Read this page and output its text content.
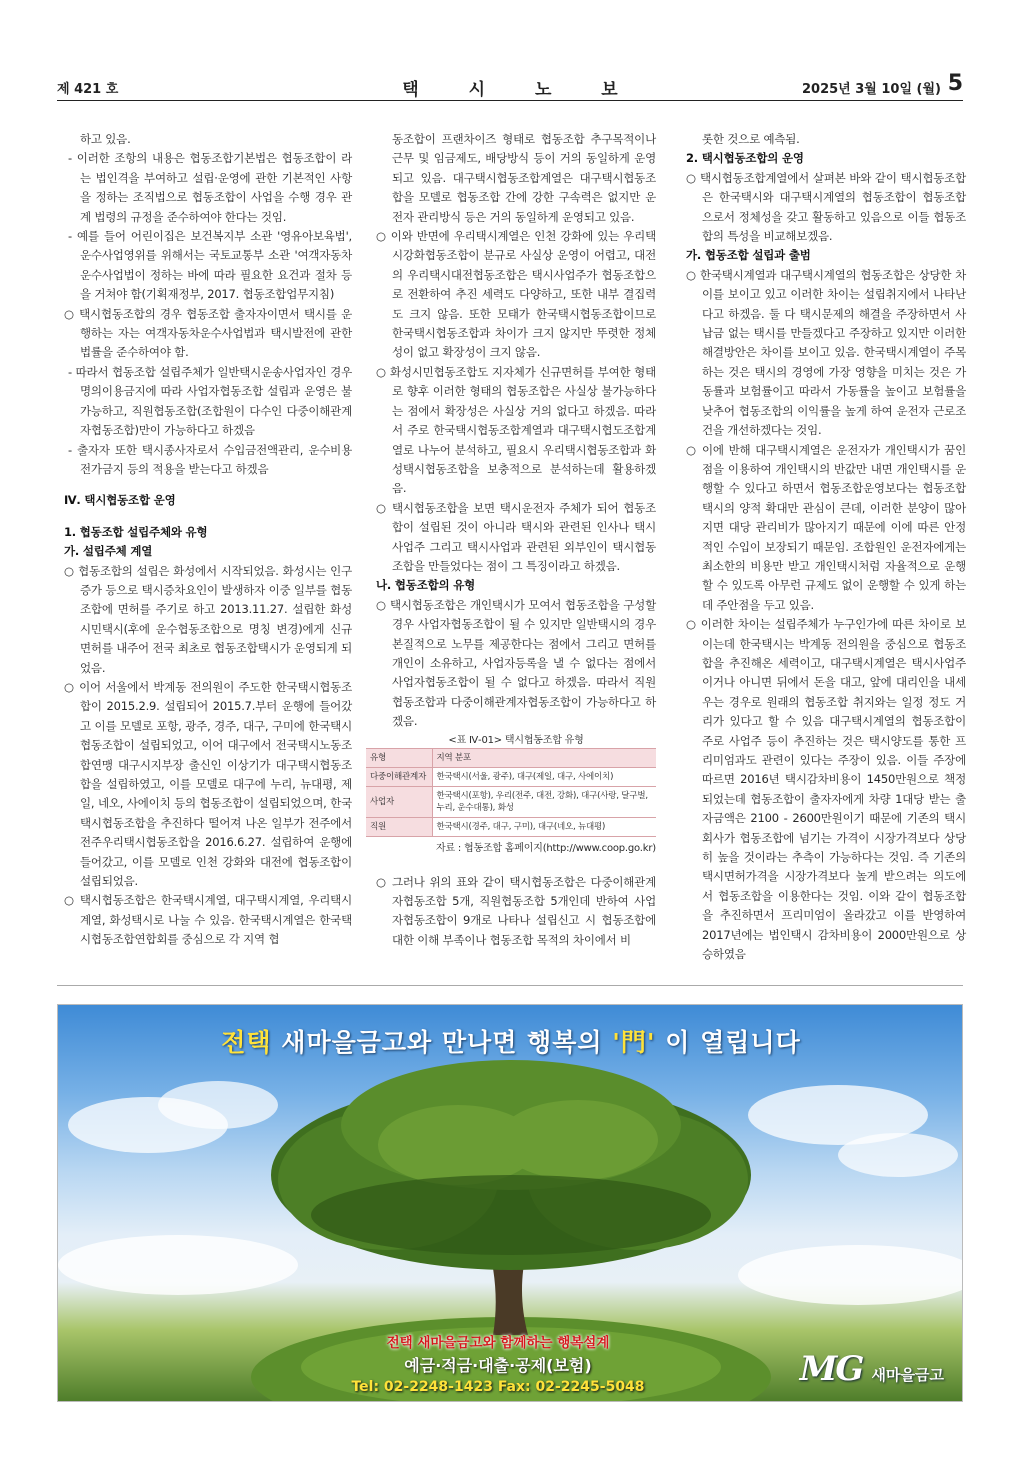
제 421 호	택 시 노 보	2025년 3월 10일 (월) 5
하고 있음.
- 이러한 조항의 내용은 협동조합기본법은 협동조합이 라는 법인격을 부여하고 설립·운영에 관한 기본적인 사항을 정하는 조직법으로 협동조합이 사업을 수행 경우 관계 법령의 규정을 준수하여야 한다는 것임.
- 예를 들어 어린이집은 보건복지부 소관 '영유아보육법', 운수사업영위를 위해서는 국토교통부 소관 '여객자동차운수사업법이 정하는 바에 따라 필요한 요건과 절차 등을 거쳐야 함(기획재정부, 2017. 협동조합업무지침)
○ 택시협동조합의 경우 협동조합 출자자이면서 택시를 운행하는 자는 여객자동차운수사업법과 택시발전에 관한 법률을 준수하여야 함.
- 따라서 협동조합 설립주체가 일반택시운송사업자인 경우 명의이용금지에 따라 사업자협동조합 설립과 운영은 불가능하고, 직원협동조합(조합원이 다수인 다중이해관계자협동조합)만이 가능하다고 하겠음
- 출자자 또한 택시종사자로서 수입금전액관리, 운수비용전가금지 등의 적용을 받는다고 하겠음
Ⅳ. 택시협동조합 운영
1. 협동조합 설립주체와 유형
가. 설립주체 계열
○ 협동조합의 설립은 화성에서 시작되었음. 화성시는 인구증가 등으로 택시증차요인이 발생하자 이중 일부를 협동조합에 면허를 주기로 하고 2013.11.27. 설립한 화성시민택시(후에 운수협동조합으로 명칭 변경)에게 신규면허를 내주어 전국 최초로 협동조합택시가 운영되게 되었음.
○ 이어 서울에서 박계동 전의원이 주도한 한국택시협동조합이 2015.2.9. 설립되어 2015.7.부터 운행에 들어갔고 이를 모델로 포항, 광주, 경주, 대구, 구미에 한국택시협동조합이 설립되었고, 이어 대구에서 전국택시노동조합연맹 대구시지부장 출신인 이상기가 대구택시협동조합을 설립하였고, 이를 모델로 대구에 누리, 뉴대평, 제일, 네오, 사에이치 등의 협동조합이 설립되었으며, 한국택시협동조합을 추진하다 떨어져 나온 일부가 전주에서 전주우리택시협동조합을 2016.6.27. 설립하여 운행에 들어갔고, 이를 모델로 인천 강화와 대전에 협동조합이 설립되었음.
○ 택시협동조합은 한국택시계열, 대구택시계열, 우리택시계열, 화성택시로 나눌 수 있음. 한국택시계열은 한국택시협동조합연합회를 중심으로 각 지역 협
동조합이 프랜차이즈 형태로 협동조합 추구목적이나 근무 및 임금제도, 배당방식 등이 거의 동일하게 운영되고 있음. 대구택시협동조합계열은 대구택시협동조합을 모델로 협동조합 간에 강한 구속력은 없지만 운전자 관리방식 등은 거의 동일하게 운영되고 있음.
○ 이와 반면에 우리택시계열은 인천 강화에 있는 우리택시강화협동조합이 분규로 사실상 운영이 어렵고, 대전의 우리택시대전협동조합은 택시사업주가 협동조합으로 전환하여 추진 세력도 다양하고, 또한 내부 결집력도 크지 않음. 또한 모태가 한국택시협동조합이므로 한국택시협동조합과 차이가 크지 않지만 뚜렷한 정체성이 없고 확장성이 크지 않음.
○ 화성시민협동조합도 지자체가 신규면허를 부여한 형태로 향후 이러한 형태의 협동조합은 사실상 불가능하다는 점에서 확장성은 사실상 거의 없다고 하겠음. 따라서 주로 한국택시협동조합계열과 대구택시협도조합계열로 나누어 분석하고, 필요시 우리택시협동조합과 화성택시협동조합을 보충적으로 분석하는데 활용하겠음.
○ 택시협동조합을 보면 택시운전자 주체가 되어 협동조합이 설립된 것이 아니라 택시와 관련된 인사나 택시사업주 그리고 택시사업과 관련된 외부인이 택시협동조합을 만들었다는 점이 그 특징이라고 하겠음.
나. 협동조합의 유형
○ 택시협동조합은 개인택시가 모여서 협동조합을 구성할 경우 사업자협동조합이 될 수 있지만 일반택시의 경우 본질적으로 노무를 제공한다는 점에서 그리고 면허를 개인이 소유하고, 사업자등록을 낼 수 없다는 점에서 사업자협동조합이 될 수 없다고 하겠음. 따라서 직원협동조합과 다중이해관계자협동조합이 가능하다고 하겠음.
<표 Ⅳ-01> 택시협동조합 유형
유형	지역 분포
다중이해관계자	한국택시(서울, 광주), 대구(제일, 대구, 사에이치)
사업자	한국택시(포항), 우리(전주, 대전, 강화), 대구(사랑, 달구벌, 누리, 운수대통), 화성
직원	한국택시(경주, 대구, 구미), 대구(네오, 뉴대평)
자료 : 협동조합 홈페이지(http://www.coop.go.kr)
○ 그러나 위의 표와 같이 택시협동조합은 다중이해관계자협동조합 5개, 직원협동조합 5개인데 반하여 사업자협동조합이 9개로 나타나 설립신고 시 협동조합에 대한 이해 부족이나 협동조합 목적의 차이에서 비
롯한 것으로 예측됨.
2. 택시협동조합의 운영
○ 택시협동조합계열에서 살펴본 바와 같이 택시협동조합은 한국택시와 대구택시계열의 협동조합이 협동조합으로서 정체성을 갖고 활동하고 있음으로 이들 협동조합의 특성을 비교해보겠음.
가. 협동조합 설립과 출범
○ 한국택시계열과 대구택시계열의 협동조합은 상당한 차이를 보이고 있고 이러한 차이는 설립취지에서 나타난다고 하겠음. 둘 다 택시문제의 해결을 주장하면서 사납금 없는 택시를 만들겠다고 주장하고 있지만 이러한 해결방안은 차이를 보이고 있음. 한국택시계열이 주목하는 것은 택시의 경영에 가장 영향을 미치는 것은 가동률과 보험률이고 따라서 가동률을 높이고 보험률을 낮추어 협동조합의 이익률을 높게 하여 운전자 근로조건을 개선하겠다는 것임.
○ 이에 반해 대구택시계열은 운전자가 개인택시가 꿈인 점을 이용하여 개인택시의 반값만 내면 개인택시를 운행할 수 있다고 하면서 협동조합운영보다는 협동조합택시의 양적 확대만 관심이 큰데, 이러한 분양이 많아지면 대당 관리비가 많아지기 때문에 이에 따른 안정적인 수입이 보장되기 때문임. 조합원인 운전자에게는 최소한의 비용만 받고 개인택시처럼 자율적으로 운행할 수 있도록 아무런 규제도 없이 운행할 수 있게 하는 데 주안점을 두고 있음.
○ 이러한 차이는 설립주체가 누구인가에 따른 차이로 보이는데 한국택시는 박계동 전의원을 중심으로 협동조합을 추진해온 세력이고, 대구택시계열은 택시사업주이거나 아니면 뒤에서 돈을 대고, 앞에 대리인을 내세우는 경우로 원래의 협동조합 취지와는 일정 정도 거리가 있다고 할 수 있음 대구택시계열의 협동조합이 주로 사업주 등이 추진하는 것은 택시양도를 통한 프리미엄과도 관련이 있다는 주장이 있음. 이들 주장에 따르면 2016년 택시감차비용이 1450만원으로 책정되었는데 협동조합이 출자자에게 차량 1대당 받는 출자금액은 2100 - 2600만원이기 때문에 기존의 택시회사가 협동조합에 넘기는 가격이 시장가격보다 상당히 높을 것이라는 추측이 가능하다는 것임. 즉 기존의 택시면허가격을 시장가격보다 높게 받으려는 의도에서 협동조합을 이용한다는 것임. 이와 같이 협동조합을 추진하면서 프리미엄이 올라갔고 이를 반영하여 2017년에는 법인택시 감차비용이 2000만원으로 상승하였음
전택 새마을금고와 만나면 행복의 '門' 이 열립니다
전택 새마을금고와 함께하는 행복설계
예금·적금·대출·공제(보험)
Tel: 02-2248-1423 Fax: 02-2245-5048	MG 새마을금고
